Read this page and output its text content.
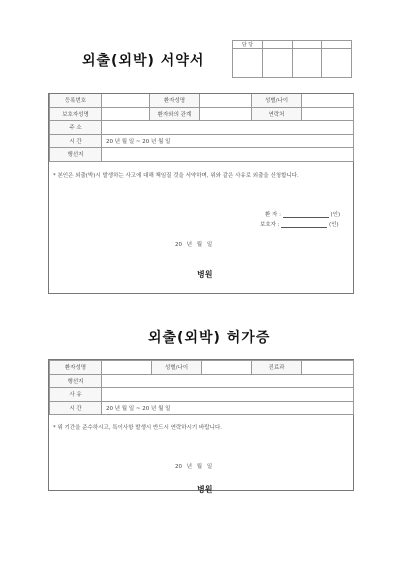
외출(외박) 서약서
담 당			

등록번호		환자성명		성별/나이	
보호자성명		환자와의 관계		연락처	
주 소					
시 간	20 년 월 일 ~ 20 년 월 일				
행선지					
* 본인은 외출(박)시 발생하는 사고에 대해 책임질 것을 서약하며, 위와 같은 사유로 외출을 신청합니다.
환 자 :	(인)
보호자 :	(인)
20 년 월 일
병원
외출(외박) 허가증
환자성명		성별/나이		진료과	
행선지					
사 유					
시 간	20 년 월 일 ~ 20 년 월 일				
* 위 기간을 준수하시고, 특이사항 발생시 반드시 연락하시기 바랍니다.
20 년 월 일
병원
